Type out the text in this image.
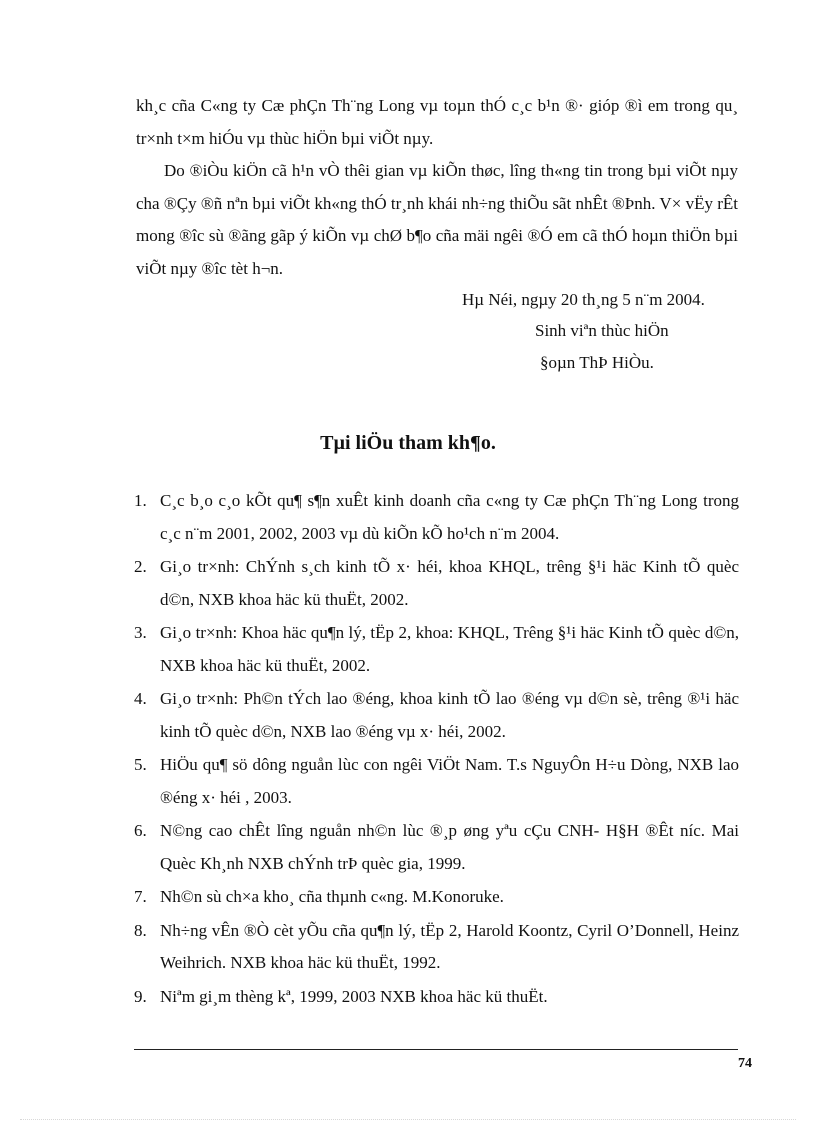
kh¸c cña C«ng ty Cæ phÇn Th¨ng Long vµ toµn thÓ c¸c b¹n ®· gióp ®ì em trong qu¸ tr×nh t×m hiÓu vµ thùc hiÖn bµi viÕt nµy.

Do ®iÒu kiÖn cã h¹n vÒ thêi gian vµ kiÕn thøc, lîng th«ng tin trong bµi viÕt nµy cha ®Çy ®ñ nªn bµi viÕt kh«ng thÓ tr¸nh khái nh÷ng thiÕu sãt nhÊt ®Þnh. V× vËy rÊt mong ®îc sù ®ãng gãp ý kiÕn vµ chØ b¶o cña mäi ngêi ®Ó em cã thÓ hoµn thiÖn bµi viÕt nµy ®îc tèt h¬n.

Hµ Néi, ngµy 20 th¸ng 5 n¨m 2004.

Sinh viªn thùc hiÖn

§oµn ThÞ HiÒu.

Tµi liÖu tham kh¶o.
1. C¸c b¸o c¸o kÕt qu¶ s¶n xuÊt kinh doanh cña c«ng ty Cæ phÇn Th¨ng Long trong c¸c n¨m 2001, 2002, 2003 vµ dù kiÕn kÕ ho¹ch n¨m 2004.
2. Gi¸o tr×nh: ChÝnh s¸ch kinh tÕ x· héi, khoa KHQL, trêng §¹i häc Kinh tÕ quèc d©n, NXB khoa häc kü thuËt, 2002.
3. Gi¸o tr×nh: Khoa häc qu¶n lý, tËp 2, khoa: KHQL, Trêng §¹i häc Kinh tÕ quèc d©n, NXB khoa häc kü thuËt, 2002.
4. Gi¸o tr×nh: Ph©n tÝch lao ®éng, khoa kinh tÕ lao ®éng vµ d©n sè, trêng ®¹i häc kinh tÕ quèc d©n, NXB lao ®éng vµ x· héi, 2002.
5. HiÖu qu¶ sö dông nguån lùc con ngêi ViÖt Nam. T.s NguyÔn H÷u Dòng, NXB lao ®éng x· héi , 2003.
6. N©ng cao chÊt lîng nguån nh©n lùc ®¸p øng yªu cÇu CNH- H§H ®Êt níc. Mai Quèc Kh¸nh NXB chÝnh trÞ quèc gia, 1999.
7. Nh©n sù ch×a kho¸ cña thµnh c«ng. M.Konoruke.
8. Nh÷ng vÊn ®Ò cèt yÕu cña qu¶n lý, tËp 2, Harold Koontz, Cyril O’Donnell, Heinz Weihrich. NXB khoa häc kü thuËt, 1992.
9. Niªm gi¸m thèng kª, 1999, 2003 NXB khoa häc kü thuËt.
74
